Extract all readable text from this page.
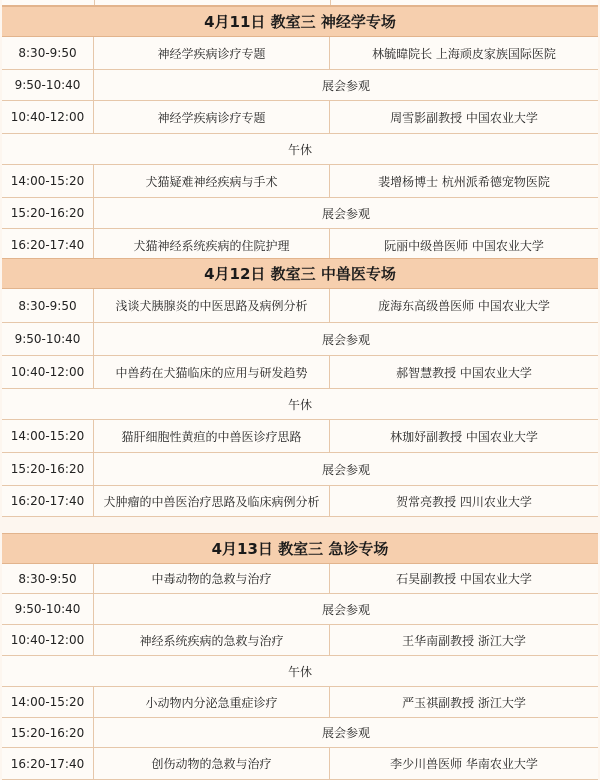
4月11日 教室三 神经学专场
8:30-9:50	神经学疾病诊疗专题	林毓暐院长 上海顽皮家族国际医院
9:50-10:40	展会参观
10:40-12:00	神经学疾病诊疗专题	周雪影副教授 中国农业大学
午休
14:00-15:20	犬猫疑难神经疾病与手术	裴增杨博士 杭州派希德宠物医院
15:20-16:20	展会参观
16:20-17:40	犬猫神经系统疾病的住院护理	阮丽中级兽医师 中国农业大学
4月12日 教室三 中兽医专场
8:30-9:50	浅谈犬胰腺炎的中医思路及病例分析	庞海东高级兽医师 中国农业大学
9:50-10:40	展会参观
10:40-12:00	中兽药在犬猫临床的应用与研发趋势	郝智慧教授 中国农业大学
午休
14:00-15:20	猫肝细胞性黄疸的中兽医诊疗思路	林珈妤副教授 中国农业大学
15:20-16:20	展会参观
16:20-17:40	犬肿瘤的中兽医治疗思路及临床病例分析	贺常亮教授 四川农业大学
4月13日 教室三 急诊专场
8:30-9:50	中毒动物的急救与治疗	石昊副教授 中国农业大学
9:50-10:40	展会参观
10:40-12:00	神经系统疾病的急救与治疗	王华南副教授 浙江大学
午休
14:00-15:20	小动物内分泌急重症诊疗	严玉祺副教授 浙江大学
15:20-16:20	展会参观
16:20-17:40	创伤动物的急救与治疗	李少川兽医师 华南农业大学
